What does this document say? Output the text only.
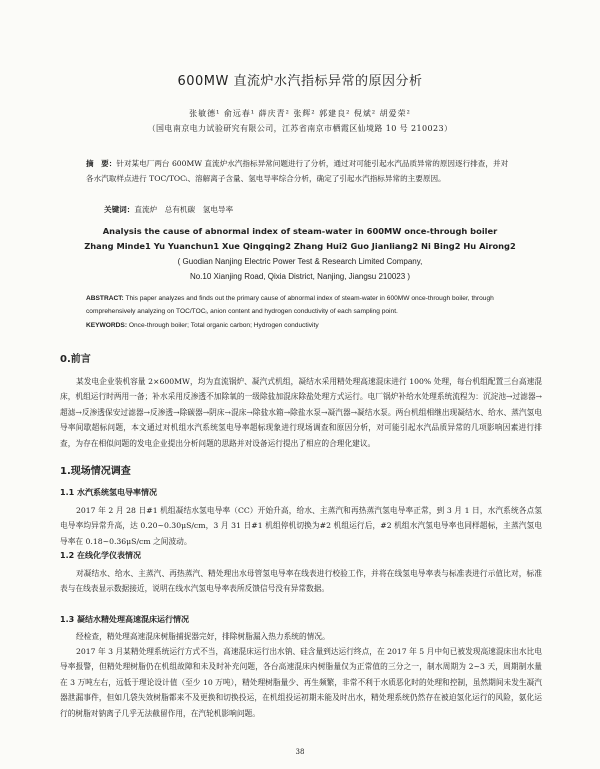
600MW 直流炉水汽指标异常的原因分析
张敏德¹ 俞远春¹ 薛庆青² 张辉² 郭建良² 倪斌² 胡爱荣²
（国电南京电力试验研究有限公司，江苏省南京市栖霞区仙境路 10 号 210023）
摘　要：针对某电厂两台 600MW 直流炉水汽指标异常问题进行了分析，通过对可能引起水汽品质异常的原因逐行排查，并对各水汽取样点进行 TOC/TOCᵢ、溶解离子含量、氢电导率综合分析，确定了引起水汽指标异常的主要原因。
关键词：直流炉　总有机碳　氢电导率
Analysis the cause of abnormal index of steam-water in 600MW once-through boiler
Zhang Minde1 Yu Yuanchun1 Xue Qingqing2 Zhang Hui2 Guo Jianliang2 Ni Bing2 Hu Airong2
( Guodian Nanjing Electric Power Test & Research Limited Company,
No.10 Xianjing Road, Qixia District, Nanjing, Jiangsu 210023 )
ABSTRACT: This paper analyzes and finds out the primary cause of abnormal index of steam-water in 600MW once-through boiler, through comprehensively analyzing on TOC/TOCᵢ, anion content and hydrogen conductivity of each sampling point.
KEYWORDS: Once-through boiler; Total organic carbon; Hydrogen conductivity
0.前言
某发电企业装机容量 2×600MW，均为直流锅炉、凝汽式机组，凝结水采用精处理高速混床进行 100% 处理，每台机组配置三台高速混床，机组运行时两用一备；补水采用反渗透不加除氧的一级除盐加混床除盐处理方式运行。电厂锅炉补给水处理系统流程为：沉淀池→过滤器→超滤→反渗透保安过滤器→反渗透→除碳器→阴床→混床→除盐水箱→除盐水泵→凝汽器→凝结水泵。两台机组相继出现凝结水、给水、蒸汽氢电导率间歇超标问题，本文通过对机组水汽系统氢电导率超标现象进行现场调查和原因分析，对可能引起水汽品质异常的几项影响因素进行排查，为存在相似问题的发电企业提出分析问题的思路并对设备运行提出了相应的合理化建议。
1.现场情况调查
1.1 水汽系统氢电导率情况
2017 年 2 月 28 日#1 机组凝结水氢电导率（CC）开始升高，给水、主蒸汽和再热蒸汽氢电导率正常，到 3 月 1 日，水汽系统各点氢电导率均异常升高，达 0.20~0.30μS/cm，3 月 31 日#1 机组停机切换为#2 机组运行后，#2 机组水汽氢电导率也同样超标，主蒸汽氢电导率在 0.18~0.36μS/cm 之间波动。
1.2 在线化学仪表情况
对凝结水、给水、主蒸汽、再热蒸汽、精处理出水母管氢电导率在线表进行校验工作，并将在线氢电导率表与标准表进行示值比对，标准表与在线表显示数据接近，说明在线水汽氢电导率表所反馈信号没有异常数据。
1.3 凝结水精处理高速混床运行情况
经检查，精处理高速混床树脂捕捉器完好，排除树脂漏入热力系统的情况。
2017 年 3 月某精处理系统运行方式不当，高速混床运行出水钠、硅含量到达运行终点，在 2017 年 5 月中旬已被发现高速混床出水比电导率报警，但精处理树脂仍在机组故障和未及时补充问题，各台高速混床内树脂量仅为正常值的三分之一，制水周期为 2~3 天，周期制水量在 3 万吨左右，远低于理论设计值（至少 10 万吨），精处理树脂量少、再生频繁，非常不利于水质恶化时的处理和控制，虽然期间未发生凝汽器泄漏事件，但如几袋失效树脂都来不及更换和切换投运，在机组投运初期未能及时出水，精处理系统仍然存在被迫氢化运行的风险，氨化运行的树脂对钠离子几乎无法截留作用，在汽轮机影响问题。
38
